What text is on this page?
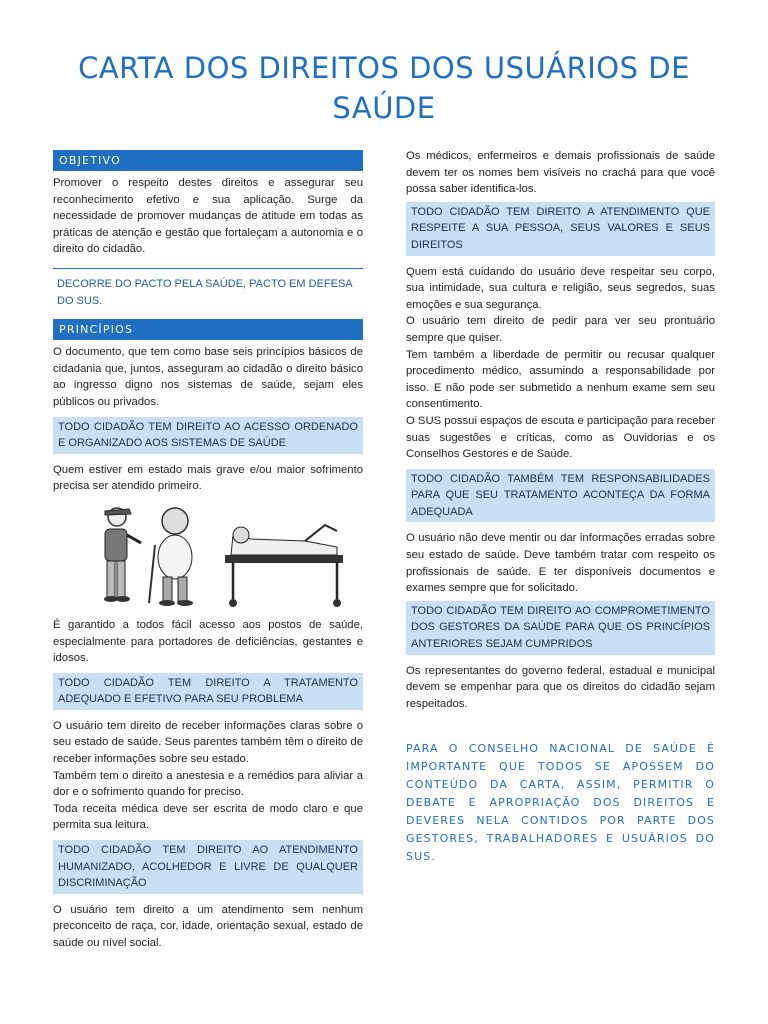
CARTA DOS DIREITOS DOS USUÁRIOS DE SAÚDE
OBJETIVO

Promover o respeito destes direitos e assegurar seu reconhecimento efetivo e sua aplicação. Surge da necessidade de promover mudanças de atitude em todas as práticas de atenção e gestão que fortaleçam a autonomia e o direito do cidadão.

DECORRE DO PACTO PELA SAÚDE, PACTO EM DEFESA DO SUS.
PRINCÍPIOS

O documento, que tem como base seis princípios básicos de cidadania que, juntos, asseguram ao cidadão o direito básico ao ingresso digno nos sistemas de saúde, sejam eles públicos ou privados.

TODO CIDADÃO TEM DIREITO AO ACESSO ORDENADO E ORGANIZADO AOS SISTEMAS DE SAÚDE

Quem estiver em estado mais grave e/ou maior sofrimento precisa ser atendido primeiro.

É garantido a todos fácil acesso aos postos de saúde, especialmente para portadores de deficiências, gestantes e idosos.

TODO CIDADÃO TEM DIREITO A TRATAMENTO ADEQUADO E EFETIVO PARA SEU PROBLEMA

O usuário tem direito de receber informações claras sobre o seu estado de saúde. Seus parentes também têm o direito de receber informações sobre seu estado.

Também tem o direito a anestesia e a remédios para aliviar a dor e o sofrimento quando for preciso.

Toda receita médica deve ser escrita de modo claro e que permita sua leitura.

TODO CIDADÃO TEM DIREITO AO ATENDIMENTO HUMANIZADO, ACOLHEDOR E LIVRE DE QUALQUER DISCRIMINAÇÃO

O usuário tem direito a um atendimento sem nenhum preconceito de raça, cor, idade, orientação sexual, estado de saúde ou nível social.

Os médicos, enfermeiros e demais profissionais de saúde devem ter os nomes bem visíveis no crachá para que você possa saber identifica-los.

TODO CIDADÃO TEM DIREITO A ATENDIMENTO QUE RESPEITE A SUA PESSOA, SEUS VALORES E SEUS DIREITOS

Quem está cuidando do usuário deve respeitar seu corpo, sua intimidade, sua cultura e religião, seus segredos, suas emoções e sua segurança.

O usuário tem direito de pedir para ver seu prontuário sempre que quiser.

Tem também a liberdade de permitir ou recusar qualquer procedimento médico, assumindo a responsabilidade por isso. E não pode ser submetido a nenhum exame sem seu consentimento.

O SUS possui espaços de escuta e participação para receber suas sugestões e críticas, como as Ouvidorias e os Conselhos Gestores e de Saúde.

TODO CIDADÃO TAMBÉM TEM RESPONSABILIDADES PARA QUE SEU TRATAMENTO ACONTEÇA DA FORMA ADEQUADA

O usuário não deve mentir ou dar informações erradas sobre seu estado de saúde. Deve também tratar com respeito os profissionais de saúde. E ter disponíveis documentos e exames sempre que for solicitado.

TODO CIDADÃO TEM DIREITO AO COMPROMETIMENTO DOS GESTORES DA SAÚDE PARA QUE OS PRINCÍPIOS ANTERIORES SEJAM CUMPRIDOS

Os representantes do governo federal, estadual e municipal devem se empenhar para que os direitos do cidadão sejam respeitados.

PARA O CONSELHO NACIONAL DE SAÚDE É IMPORTANTE QUE TODOS SE APOSSEM DO CONTEÚDO DA CARTA, ASSIM, PERMITIR O DEBATE E APROPRIAÇÃO DOS DIREITOS E DEVERES NELA CONTIDOS POR PARTE DOS GESTORES, TRABALHADORES E USUÁRIOS DO SUS.
